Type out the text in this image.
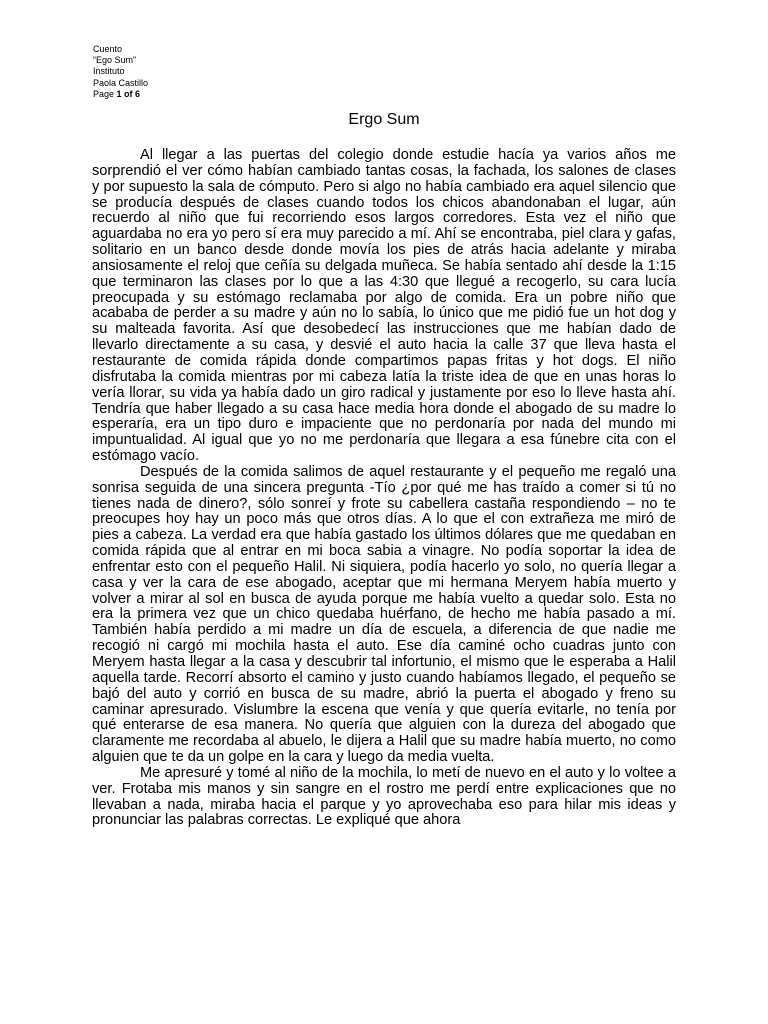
Cuento
“Ego Sum”
Instituto
Paola Castillo
Page 1 of 6
Ergo Sum

Al llegar a las puertas del colegio donde estudie hacía ya varios años me sorprendió el ver cómo habían cambiado tantas cosas, la fachada, los salones de clases y por supuesto la sala de cómputo. Pero si algo no había cambiado era aquel silencio que se producía después de clases cuando todos los chicos abandonaban el lugar, aún recuerdo al niño que fui recorriendo esos largos corredores. Esta vez el niño que aguardaba no era yo pero sí era muy parecido a mí. Ahí se encontraba, piel clara y gafas, solitario en un banco desde donde movía los pies de atrás hacia adelante y miraba ansiosamente el reloj que ceñía su delgada muñeca. Se había sentado ahí desde la 1:15 que terminaron las clases por lo que a las 4:30 que llegué a recogerlo, su cara lucía preocupada y su estómago reclamaba por algo de comida. Era un pobre niño que acababa de perder a su madre y aún no lo sabía, lo único que me pidió fue un hot dog y su malteada favorita. Así que desobedecí las instrucciones que me habían dado de llevarlo directamente a su casa, y desvié el auto hacia la calle 37 que lleva hasta el restaurante de comida rápida donde compartimos papas fritas y hot dogs. El niño disfrutaba la comida mientras por mi cabeza latía la triste idea de que en unas horas lo vería llorar, su vida ya había dado un giro radical y justamente por eso lo lleve hasta ahí. Tendría que haber llegado a su casa hace media hora donde el abogado de su madre lo esperaría, era un tipo duro e impaciente que no perdonaría por nada del mundo mi impuntualidad. Al igual que yo no me perdonaría que llegara a esa fúnebre cita con el estómago vacío.

Después de la comida salimos de aquel restaurante y el pequeño me regaló una sonrisa seguida de una sincera pregunta -Tío ¿por qué me has traído a comer si tú no tienes nada de dinero?, sólo sonreí y frote su cabellera castaña respondiendo – no te preocupes hoy hay un poco más que otros días. A lo que el con extrañeza me miró de pies a cabeza. La verdad era que había gastado los últimos dólares que me quedaban en comida rápida que al entrar en mi boca sabia a vinagre. No podía soportar la idea de enfrentar esto con el pequeño Halil. Ni siquiera, podía hacerlo yo solo, no quería llegar a casa y ver la cara de ese abogado, aceptar que mi hermana Meryem había muerto y volver a mirar al sol en busca de ayuda porque me había vuelto a quedar solo. Esta no era la primera vez que un chico quedaba huérfano, de hecho me había pasado a mí. También había perdido a mi madre un día de escuela, a diferencia de que nadie me recogió ni cargó mi mochila hasta el auto. Ese día caminé ocho cuadras junto con Meryem hasta llegar a la casa y descubrir tal infortunio, el mismo que le esperaba a Halil aquella tarde. Recorrí absorto el camino y justo cuando habíamos llegado, el pequeño se bajó del auto y corrió en busca de su madre, abrió la puerta el abogado y freno su caminar apresurado. Vislumbre la escena que venía y que quería evitarle, no tenía por qué enterarse de esa manera. No quería que alguien con la dureza del abogado que claramente me recordaba al abuelo, le dijera a Halil que su madre había muerto, no como alguien que te da un golpe en la cara y luego da media vuelta.

Me apresuré y tomé al niño de la mochila, lo metí de nuevo en el auto y lo voltee a ver. Frotaba mis manos y sin sangre en el rostro me perdí entre explicaciones que no llevaban a nada, miraba hacia el parque y yo aprovechaba eso para hilar mis ideas y pronunciar las palabras correctas. Le expliqué que ahora
